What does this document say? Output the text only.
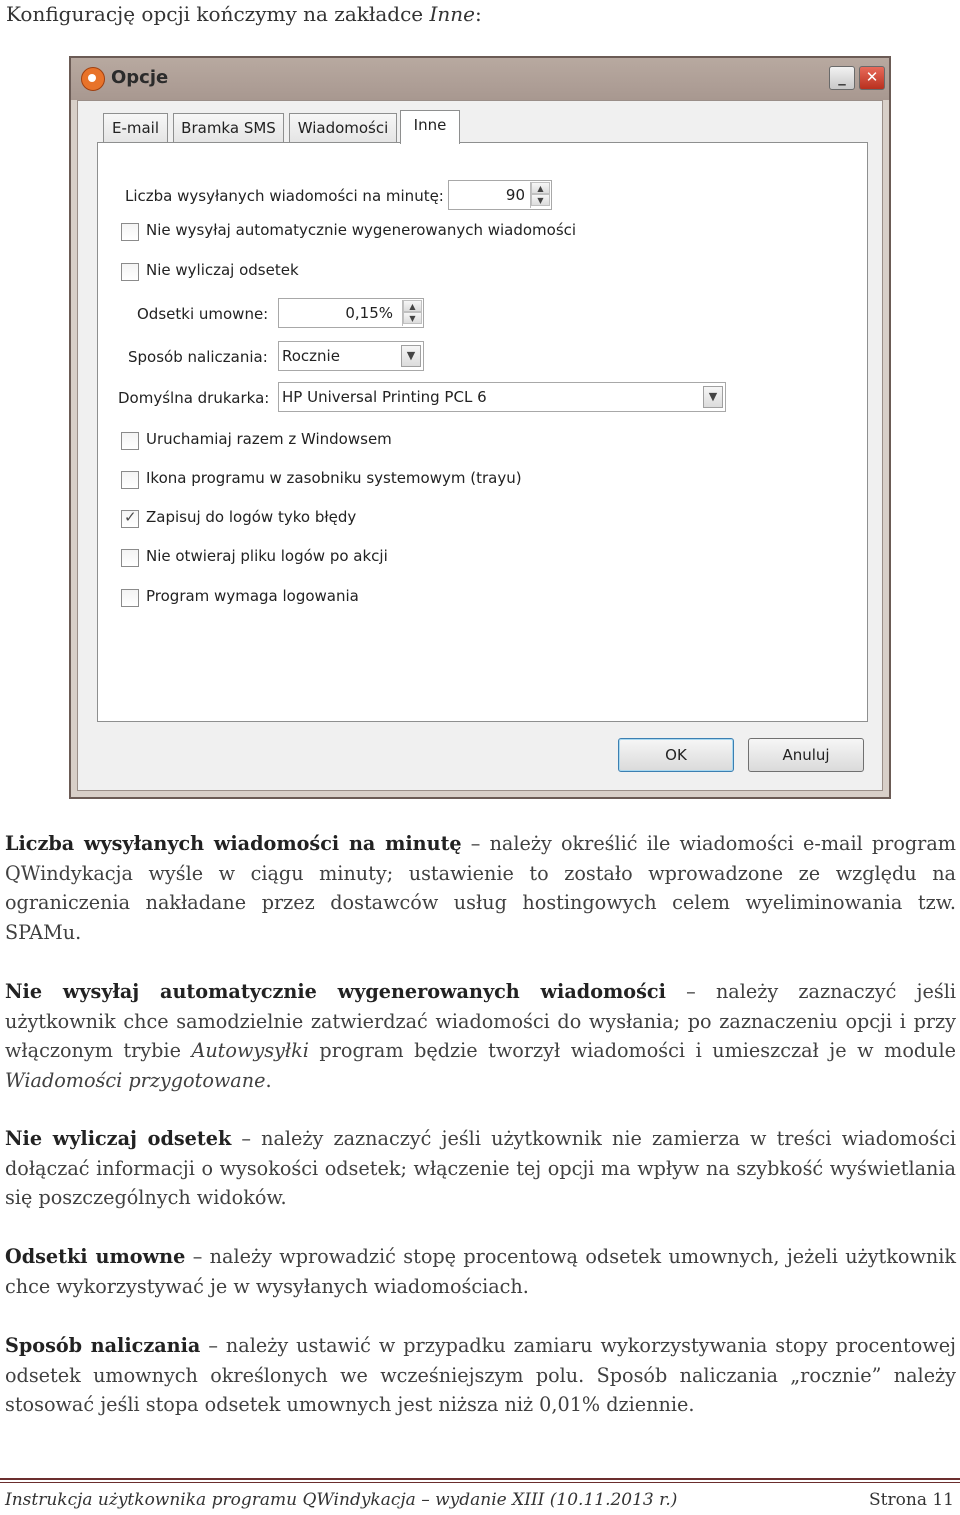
Konfigurację opcji kończymy na zakładce Inne:
Opcje	_	✕
E-mail	Bramka SMS	Wiadomości	Inne
Liczba wysyłanych wiadomości na minutę:	90	▲
▼
Nie wysyłaj automatycznie wygenerowanych wiadomości
Nie wyliczaj odsetek
Odsetki umowne:	0,15%	▲
▼
Sposób naliczania: Rocznie	▼
Domyślna drukarka: HP Universal Printing PCL 6	▼
Uruchamiaj razem z Windowsem
Ikona programu w zasobniku systemowym (trayu)
✓
Zapisuj do logów tyko błędy
Nie otwieraj pliku logów po akcji
Program wymaga logowania
OK	Anuluj
Liczba wysyłanych wiadomości na minutę – należy określić ile wiadomości e-mail program QWindykacja wyśle w ciągu minuty; ustawienie to zostało wprowadzone ze względu na ograniczenia nakładane przez dostawców usług hostingowych celem wyeliminowania tzw. SPAMu.
Nie wysyłaj automatycznie wygenerowanych wiadomości – należy zaznaczyć jeśli użytkownik chce samodzielnie zatwierdzać wiadomości do wysłania; po zaznaczeniu opcji i przy włączonym trybie Autowysyłki program będzie tworzył wiadomości i umieszczał je w module Wiadomości przygotowane.
Nie wyliczaj odsetek – należy zaznaczyć jeśli użytkownik nie zamierza w treści wiadomości dołączać informacji o wysokości odsetek; włączenie tej opcji ma wpływ na szybkość wyświetlania się poszczególnych widoków.
Odsetki umowne – należy wprowadzić stopę procentową odsetek umownych, jeżeli użytkownik chce wykorzystywać je w wysyłanych wiadomościach.
Sposób naliczania – należy ustawić w przypadku zamiaru wykorzystywania stopy procentowej odsetek umownych określonych we wcześniejszym polu. Sposób naliczania „rocznie” należy stosować jeśli stopa odsetek umownych jest niższa niż 0,01% dziennie.
Instrukcja użytkownika programu QWindykacja – wydanie XIII (10.11.2013 r.)	Strona 11
